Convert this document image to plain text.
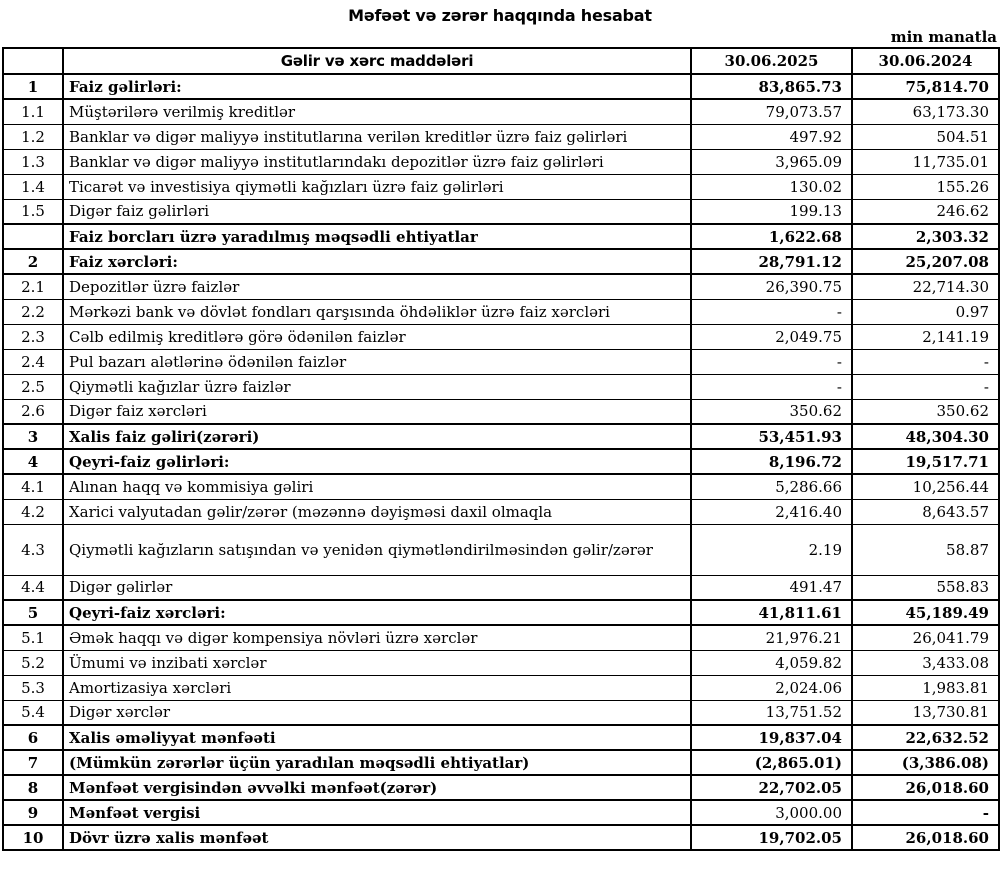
Məfəət və zərər haqqında hesabat
min manatla
	Gəlir və xərc maddələri	30.06.2025	30.06.2024
1	Faiz gəlirləri:	83,865.73	75,814.70
1.1	Müştərilərə verilmiş kreditlər	79,073.57	63,173.30
1.2	Banklar və digər maliyyə institutlarına verilən kreditlər üzrə faiz gəlirləri	497.92	504.51
1.3	Banklar və digər maliyyə institutlarındakı depozitlər üzrə faiz gəlirləri	3,965.09	11,735.01
1.4	Ticarət və investisiya qiymətli kağızları üzrə faiz gəlirləri	130.02	155.26
1.5	Digər faiz gəlirləri	199.13	246.62
	Faiz borcları üzrə yaradılmış məqsədli ehtiyatlar	1,622.68	2,303.32
2	Faiz xərcləri:	28,791.12	25,207.08
2.1	Depozitlər üzrə faizlər	26,390.75	22,714.30
2.2	Mərkəzi bank və dövlət fondları qarşısında öhdəliklər üzrə faiz xərcləri	-	0.97
2.3	Cəlb edilmiş kreditlərə görə ödənilən faizlər	2,049.75	2,141.19
2.4	Pul bazarı alətlərinə ödənilən faizlər	-	-
2.5	Qiymətli kağızlar üzrə faizlər	-	-
2.6	Digər faiz xərcləri	350.62	350.62
3	Xalis faiz gəliri(zərəri)	53,451.93	48,304.30
4	Qeyri-faiz gəlirləri:	8,196.72	19,517.71
4.1	Alınan haqq və kommisiya gəliri	5,286.66	10,256.44
4.2	Xarici valyutadan gəlir/zərər (məzənnə dəyişməsi daxil olmaqla	2,416.40	8,643.57
4.3	Qiymətli kağızların satışından və yenidən qiymətləndirilməsindən gəlir/zərər	2.19	58.87
4.4	Digər gəlirlər	491.47	558.83
5	Qeyri-faiz xərcləri:	41,811.61	45,189.49
5.1	Əmək haqqı və digər kompensiya növləri üzrə xərclər	21,976.21	26,041.79
5.2	Ümumi və inzibati xərclər	4,059.82	3,433.08
5.3	Amortizasiya xərcləri	2,024.06	1,983.81
5.4	Digər xərclər	13,751.52	13,730.81
6	Xalis əməliyyat mənfəəti	19,837.04	22,632.52
7	(Mümkün zərərlər üçün yaradılan məqsədli ehtiyatlar)	(2,865.01)	(3,386.08)
8	Mənfəət vergisindən əvvəlki mənfəət(zərər)	22,702.05	26,018.60
9	Mənfəət vergisi	3,000.00	-
10	Dövr üzrə xalis mənfəət	19,702.05	26,018.60
